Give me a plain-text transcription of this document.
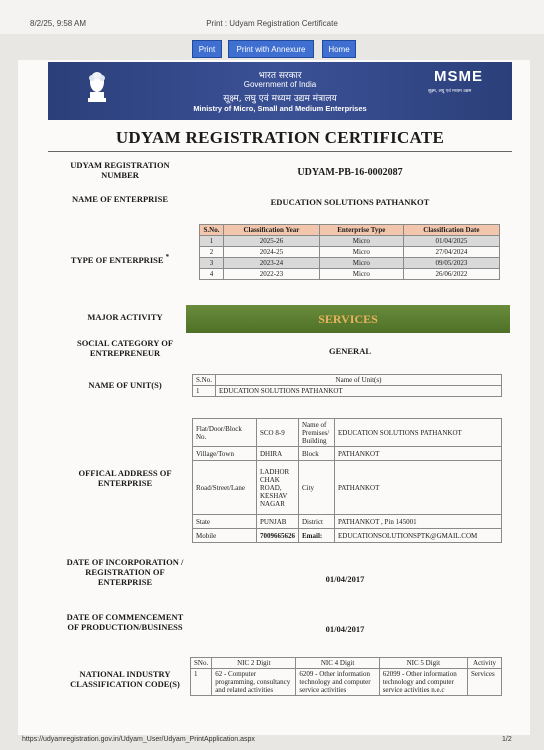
8/2/25, 9:58 AM	Print : Udyam Registration Certificate
Print	Print with Annexure	Home
भारत सरकार
Government of India
सूक्ष्म, लघु एवं मध्यम उद्यम मंत्रालय
Ministry of Micro, Small and Medium Enterprises
MSME
सूक्ष्म, लघु एवं मध्यम उद्यम
UDYAM REGISTRATION CERTIFICATE
UDYAM REGISTRATION NUMBER	UDYAM-PB-16-0002087
NAME OF ENTERPRISE	EDUCATION SOLUTIONS PATHANKOT
TYPE OF ENTERPRISE *
S.No.	Classification Year	Enterprise Type	Classification Date
1	2025-26	Micro	01/04/2025
2	2024-25	Micro	27/04/2024
3	2023-24	Micro	09/05/2023
4	2022-23	Micro	26/06/2022
MAJOR ACTIVITY	SERVICES
SOCIAL CATEGORY OF ENTREPRENEUR	GENERAL
NAME OF UNIT(S)	S.No.	Name of Unit(s)
1	EDUCATION SOLUTIONS PATHANKOT
OFFICAL ADDRESS OF ENTERPRISE
Flat/Door/Block No.	SCO 8-9	Name of Premises/ Building	EDUCATION SOLUTIONS PATHANKOT
Village/Town	DHIRA	Block	PATHANKOT
Road/Street/Lane	LADHOR CHAK ROAD, KESHAV NAGAR	City	PATHANKOT
State	PUNJAB	District	PATHANKOT , Pin 145001
Mobile	7009665626	Email:	EDUCATIONSOLUTIONSPTK@GMAIL.COM
DATE OF INCORPORATION / REGISTRATION OF ENTERPRISE	01/04/2017
DATE OF COMMENCEMENT OF PRODUCTION/BUSINESS	01/04/2017
NATIONAL INDUSTRY CLASSIFICATION CODE(S)
SNo.	NIC 2 Digit	NIC 4 Digit	NIC 5 Digit	Activity
1	62 - Computer programming, consultancy and related activities	6209 - Other information technology and computer service activities	62099 - Other information technology and computer service activities n.e.c	Services
https://udyamregistration.gov.in/Udyam_User/Udyam_PrintApplication.aspx	1/2
